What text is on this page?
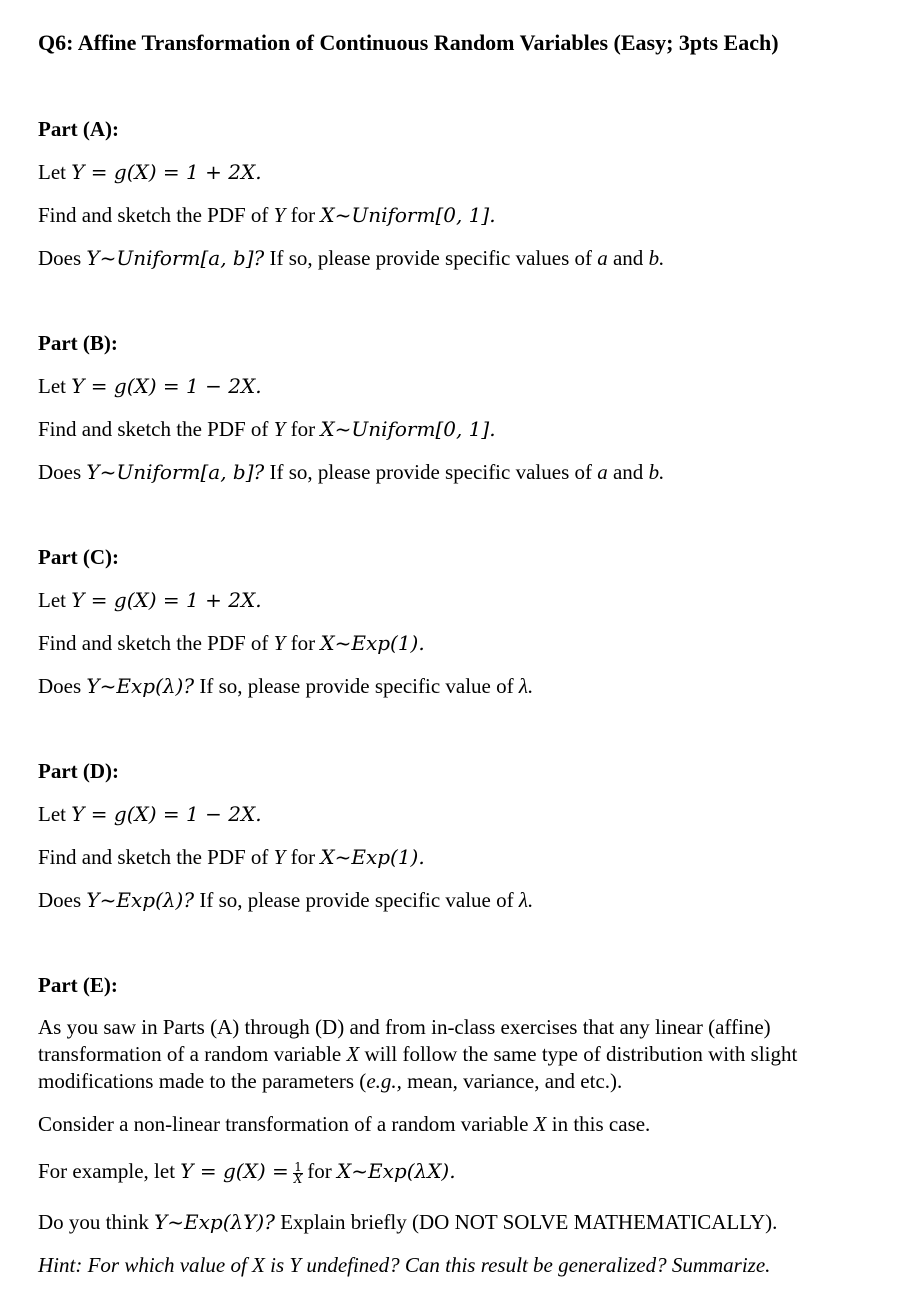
Q6: Affine Transformation of Continuous Random Variables (Easy; 3pts Each)
Part (A):
Let Y = g(X) = 1 + 2X.
Find and sketch the PDF of Y for X~Uniform[0, 1].
Does Y~Uniform[a, b]? If so, please provide specific values of a and b.
Part (B):
Let Y = g(X) = 1 − 2X.
Find and sketch the PDF of Y for X~Uniform[0, 1].
Does Y~Uniform[a, b]? If so, please provide specific values of a and b.
Part (C):
Let Y = g(X) = 1 + 2X.
Find and sketch the PDF of Y for X~Exp(1).
Does Y~Exp(λ)? If so, please provide specific value of λ.
Part (D):
Let Y = g(X) = 1 − 2X.
Find and sketch the PDF of Y for X~Exp(1).
Does Y~Exp(λ)? If so, please provide specific value of λ.
Part (E):
As you saw in Parts (A) through (D) and from in-class exercises that any linear (affine) transformation of a random variable X will follow the same type of distribution with slight modifications made to the parameters (e.g., mean, variance, and etc.).
Consider a non-linear transformation of a random variable X in this case.
For example, let $Y = g(X) = \frac{1}{X}$ for X~Exp(λX).
Do you think Y~Exp(λY)? Explain briefly (DO NOT SOLVE MATHEMATICALLY).
Hint: For which value of X is Y undefined? Can this result be generalized? Summarize.
